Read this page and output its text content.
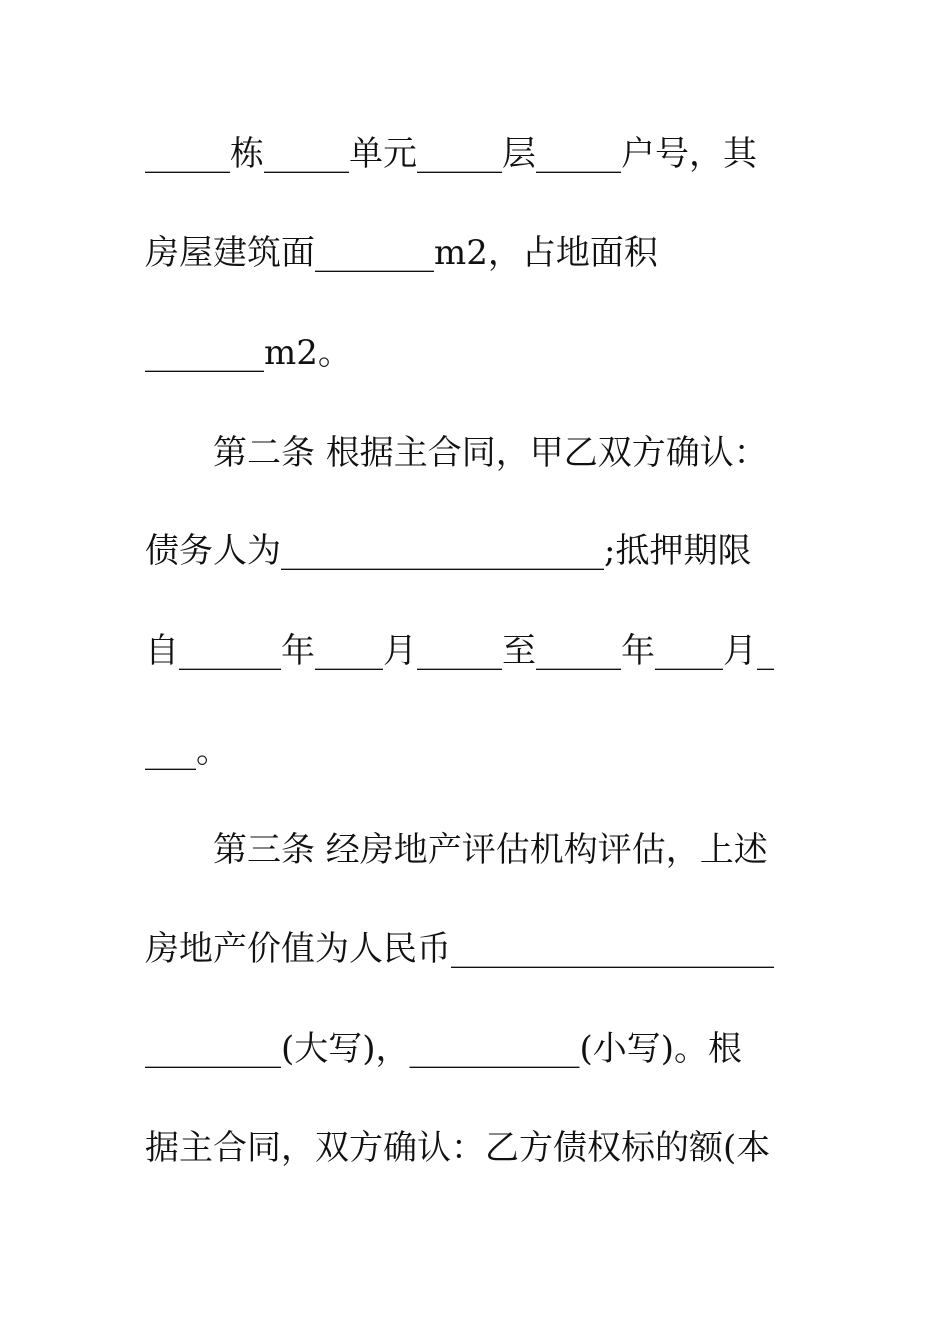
_____栋_____单元_____层_____户号，其
房屋建筑面_______m2，占地面积
_______m2。
第二条 根据主合同，甲乙双方确认：
债务人为___________________;抵押期限
自______年____月_____至_____年____月_
___。
第三条 经房地产评估机构评估，上述
房地产价值为人民币___________________
________(大写)，__________(小写)。根
据主合同，双方确认：乙方债权标的额(本
